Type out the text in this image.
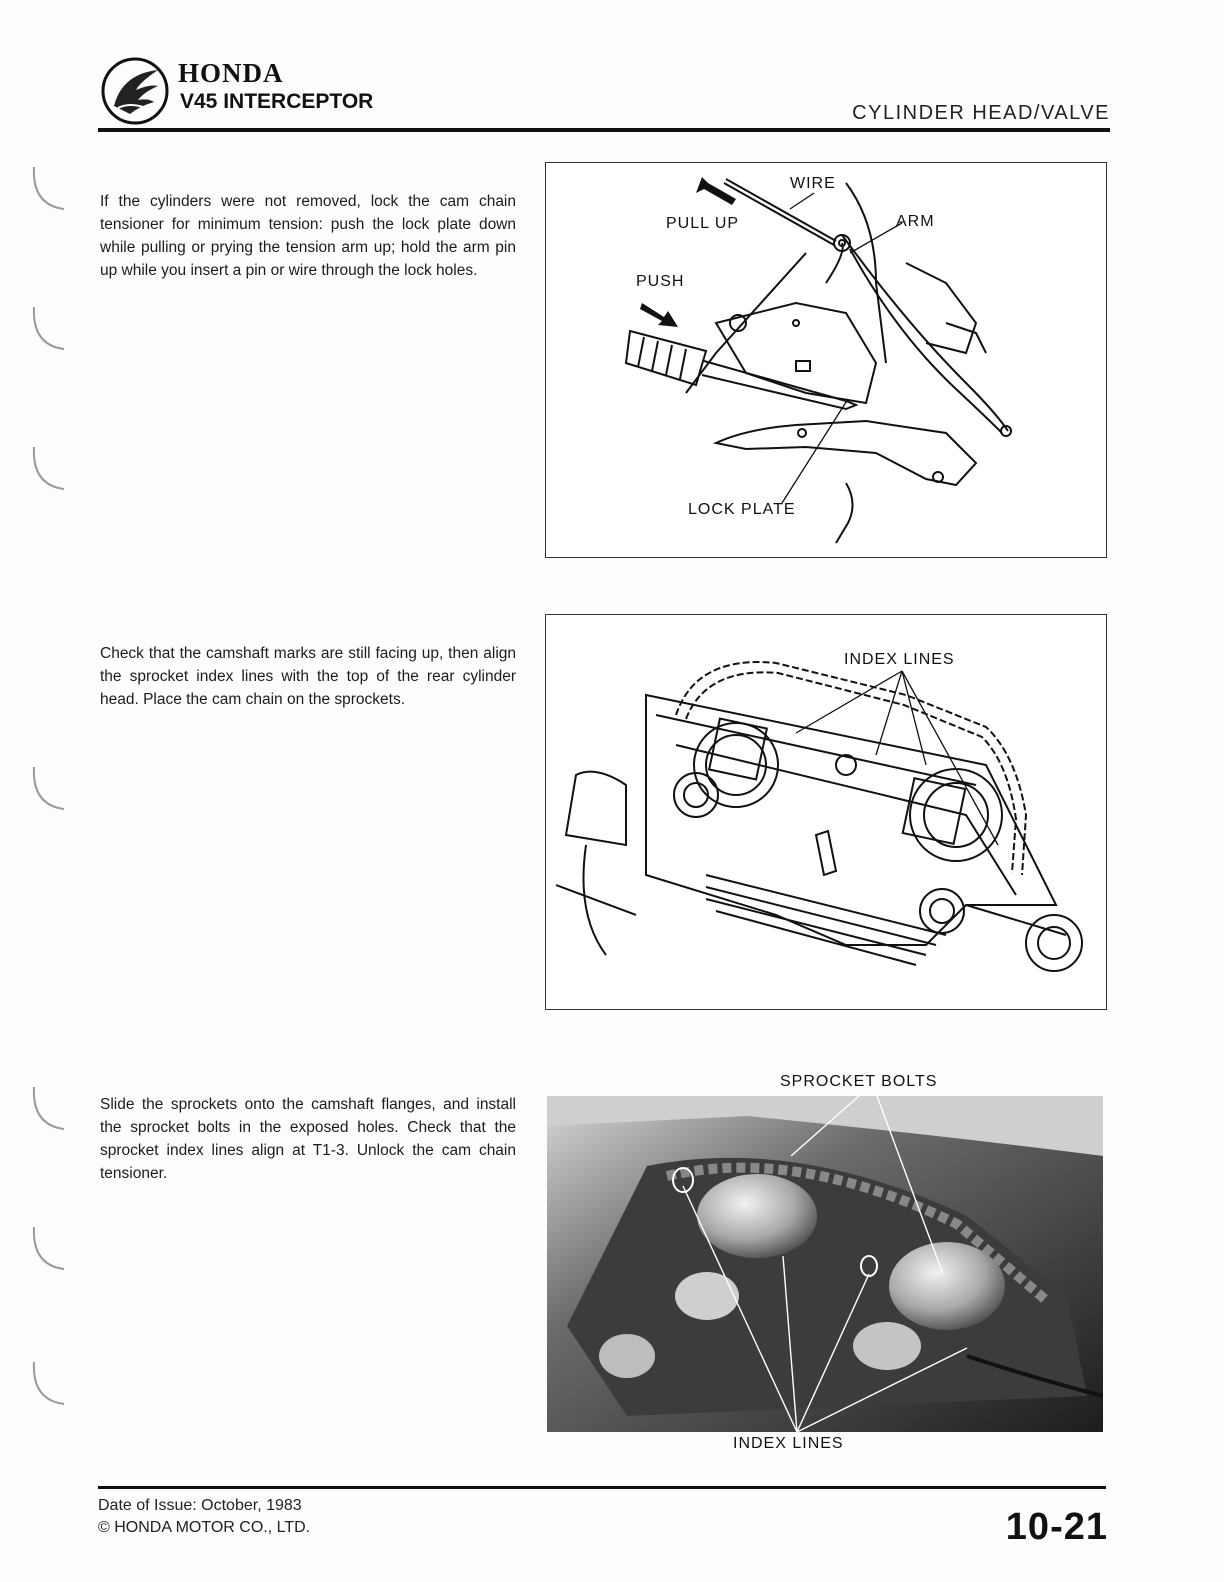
HONDA
V45 INTERCEPTOR	CYLINDER HEAD/VALVE
If the cylinders were not removed, lock the cam chain tensioner for minimum tension: push the lock plate down while pulling or prying the tension arm up; hold the arm pin up while you insert a pin or wire through the lock holes.
WIRE
PULL UP	ARM
PUSH
LOCK PLATE
Check that the camshaft marks are still facing up, then align the sprocket index lines with the top of the rear cylinder head. Place the cam chain on the sprockets.
INDEX LINES
Slide the sprockets onto the camshaft flanges, and install the sprocket bolts in the exposed holes. Check that the sprocket index lines align at T1-3. Unlock the cam chain tensioner.
SPROCKET BOLTS
INDEX LINES
Date of Issue: October, 1983
© HONDA MOTOR CO., LTD.	10-21
